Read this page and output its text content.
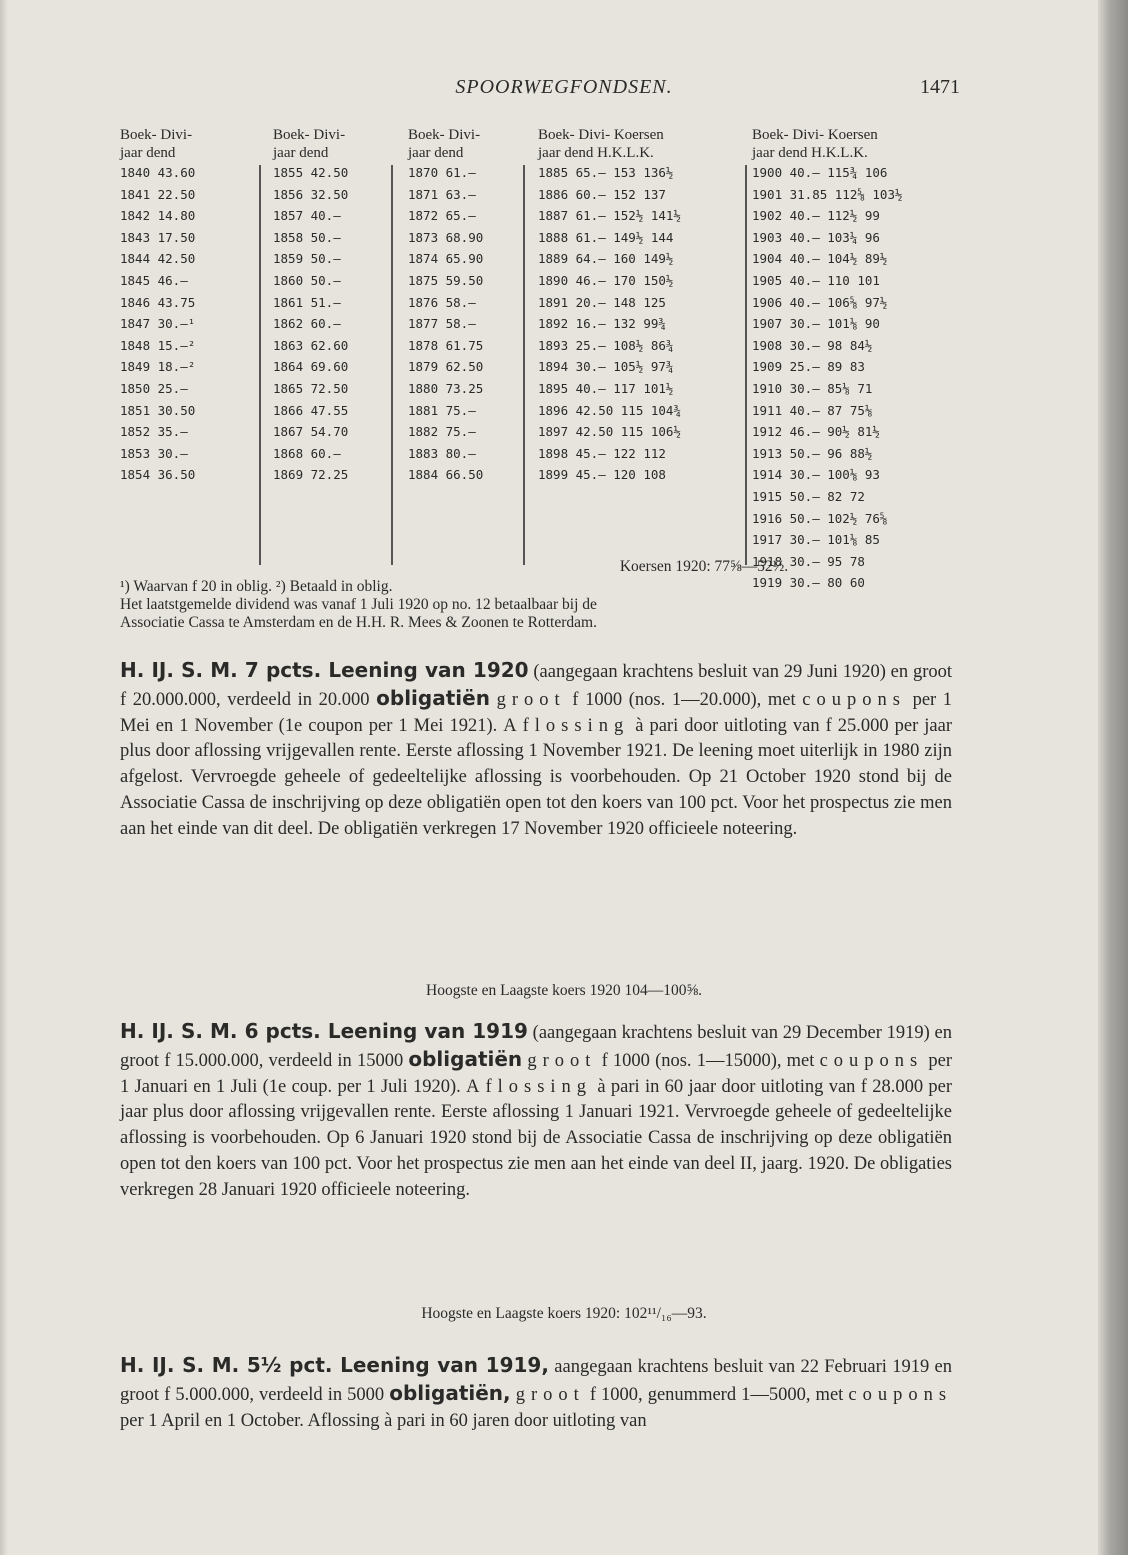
SPOORWEGFONDSEN.	1471
Boek- Divi-
jaar dend
1840 43.60
1841 22.50
1842 14.80
1843 17.50
1844 42.50
1845 46.—
1846 43.75
1847 30.—¹
1848 15.—²
1849 18.—²
1850 25.—
1851 30.50
1852 35.—
1853 30.—
1854 36.50
Boek- Divi-
jaar dend
1855 42.50
1856 32.50
1857 40.—
1858 50.—
1859 50.—
1860 50.—
1861 51.—
1862 60.—
1863 62.60
1864 69.60
1865 72.50
1866 47.55
1867 54.70
1868 60.—
1869 72.25
Boek- Divi-
jaar dend
1870 61.—
1871 63.—
1872 65.—
1873 68.90
1874 65.90
1875 59.50
1876 58.—
1877 58.—
1878 61.75
1879 62.50
1880 73.25
1881 75.—
1882 75.—
1883 80.—
1884 66.50
Boek- Divi- Koersen
jaar dend H.K.L.K.
1885 65.— 153 136½
1886 60.— 152 137
1887 61.— 152½ 141½
1888 61.— 149½ 144
1889 64.— 160 149½
1890 46.— 170 150½
1891 20.— 148 125
1892 16.— 132 99¾
1893 25.— 108½ 86¾
1894 30.— 105½ 97¾
1895 40.— 117 101½
1896 42.50 115 104¾
1897 42.50 115 106½
1898 45.— 122 112
1899 45.— 120 108
Boek- Divi- Koersen
jaar dend H.K.L.K.
1900 40.— 115¾ 106
1901 31.85 112⅝ 103½
1902 40.— 112½ 99
1903 40.— 103¼ 96
1904 40.— 104½ 89½
1905 40.— 110 101
1906 40.— 106⅝ 97½
1907 30.— 101⅛ 90
1908 30.— 98 84½
1909 25.— 89 83
1910 30.— 85⅛ 71
1911 40.— 87 75⅛
1912 46.— 90½ 81½
1913 50.— 96 88½
1914 30.— 100⅛ 93
1915 50.— 82 72
1916 50.— 102½ 76⅝
1917 30.— 101⅛ 85
1918 30.— 95 78
1919 30.— 80 60
Koersen 1920: 77⅝—52½.
¹) Waarvan f 20 in oblig. ²) Betaald in oblig.
Het laatstgemelde dividend was vanaf 1 Juli 1920 op no. 12 betaalbaar bij de
Associatie Cassa te Amsterdam en de H.H. R. Mees & Zoonen te Rotterdam.
H. IJ. S. M. 7 pcts. Leening van 1920 (aangegaan krachtens besluit van 29 Juni 1920) en groot f 20.000.000, verdeeld in 20.000 obligatiën groot f 1000 (nos. 1—20.000), met coupons per 1 Mei en 1 November (1e coupon per 1 Mei 1921). Aflossing à pari door uitloting van f 25.000 per jaar plus door aflossing vrijgevallen rente. Eerste aflossing 1 November 1921. De leening moet uiterlijk in 1980 zijn afgelost. Vervroegde geheele of gedeeltelijke aflossing is voorbehouden. Op 21 October 1920 stond bij de Associatie Cassa de inschrijving op deze obligatiën open tot den koers van 100 pct. Voor het prospectus zie men aan het einde van dit deel. De obligatiën verkregen 17 November 1920 officieele noteering.
Hoogste en Laagste koers 1920 104—100⅝.
H. IJ. S. M. 6 pcts. Leening van 1919 (aangegaan krachtens besluit van 29 December 1919) en groot f 15.000.000, verdeeld in 15000 obligatiën groot f 1000 (nos. 1—15000), met coupons per 1 Januari en 1 Juli (1e coup. per 1 Juli 1920). Aflossing à pari in 60 jaar door uitloting van f 28.000 per jaar plus door aflossing vrijgevallen rente. Eerste aflossing 1 Januari 1921. Vervroegde geheele of gedeeltelijke aflossing is voorbehouden. Op 6 Januari 1920 stond bij de Associatie Cassa de inschrijving op deze obligatiën open tot den koers van 100 pct. Voor het prospectus zie men aan het einde van deel II, jaarg. 1920. De obligaties verkregen 28 Januari 1920 officieele noteering.
Hoogste en Laagste koers 1920: 102¹¹/₁₆—93.
H. IJ. S. M. 5½ pct. Leening van 1919, aangegaan krachtens besluit van 22 Februari 1919 en groot f 5.000.000, verdeeld in 5000 obligatiën, groot f 1000, genummerd 1—5000, met coupons per 1 April en 1 October. Aflossing à pari in 60 jaren door uitloting van
